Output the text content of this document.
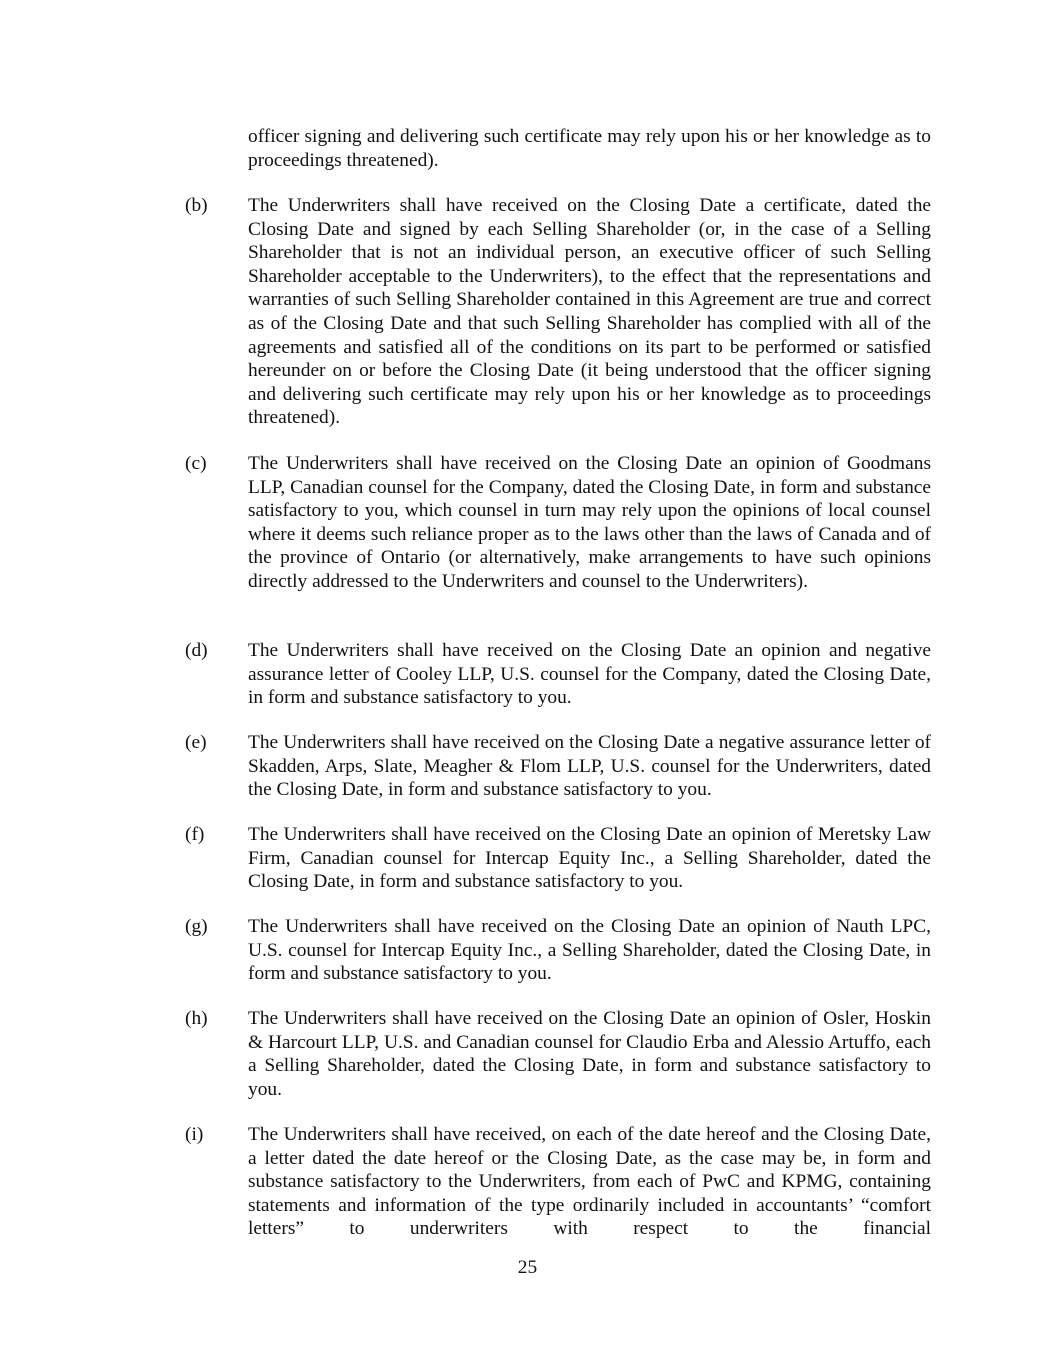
officer signing and delivering such certificate may rely upon his or her knowledge as to proceedings threatened).
(b)	The Underwriters shall have received on the Closing Date a certificate, dated the Closing Date and signed by each Selling Shareholder (or, in the case of a Selling Shareholder that is not an individual person, an executive officer of such Selling Shareholder acceptable to the Underwriters), to the effect that the representations and warranties of such Selling Shareholder contained in this Agreement are true and correct as of the Closing Date and that such Selling Shareholder has complied with all of the agreements and satisfied all of the conditions on its part to be performed or satisfied hereunder on or before the Closing Date (it being understood that the officer signing and delivering such certificate may rely upon his or her knowledge as to proceedings threatened).
(c)	The Underwriters shall have received on the Closing Date an opinion of Goodmans LLP, Canadian counsel for the Company, dated the Closing Date, in form and substance satisfactory to you, which counsel in turn may rely upon the opinions of local counsel where it deems such reliance proper as to the laws other than the laws of Canada and of the province of Ontario (or alternatively, make arrangements to have such opinions directly addressed to the Underwriters and counsel to the Underwriters).
(d)	The Underwriters shall have received on the Closing Date an opinion and negative assurance letter of Cooley LLP, U.S. counsel for the Company, dated the Closing Date, in form and substance satisfactory to you.
(e)	The Underwriters shall have received on the Closing Date a negative assurance letter of Skadden, Arps, Slate, Meagher & Flom LLP, U.S. counsel for the Underwriters, dated the Closing Date, in form and substance satisfactory to you.
(f)	The Underwriters shall have received on the Closing Date an opinion of Meretsky Law Firm, Canadian counsel for Intercap Equity Inc., a Selling Shareholder, dated the Closing Date, in form and substance satisfactory to you.
(g)	The Underwriters shall have received on the Closing Date an opinion of Nauth LPC, U.S. counsel for Intercap Equity Inc., a Selling Shareholder, dated the Closing Date, in form and substance satisfactory to you.
(h)	The Underwriters shall have received on the Closing Date an opinion of Osler, Hoskin & Harcourt LLP, U.S. and Canadian counsel for Claudio Erba and Alessio Artuffo, each a Selling Shareholder, dated the Closing Date, in form and substance satisfactory to you.
(i)	The Underwriters shall have received, on each of the date hereof and the Closing Date, a letter dated the date hereof or the Closing Date, as the case may be, in form and substance satisfactory to the Underwriters, from each of PwC and KPMG, containing statements and information of the type ordinarily included in accountants’ “comfort letters” to underwriters with respect to the financial
25
